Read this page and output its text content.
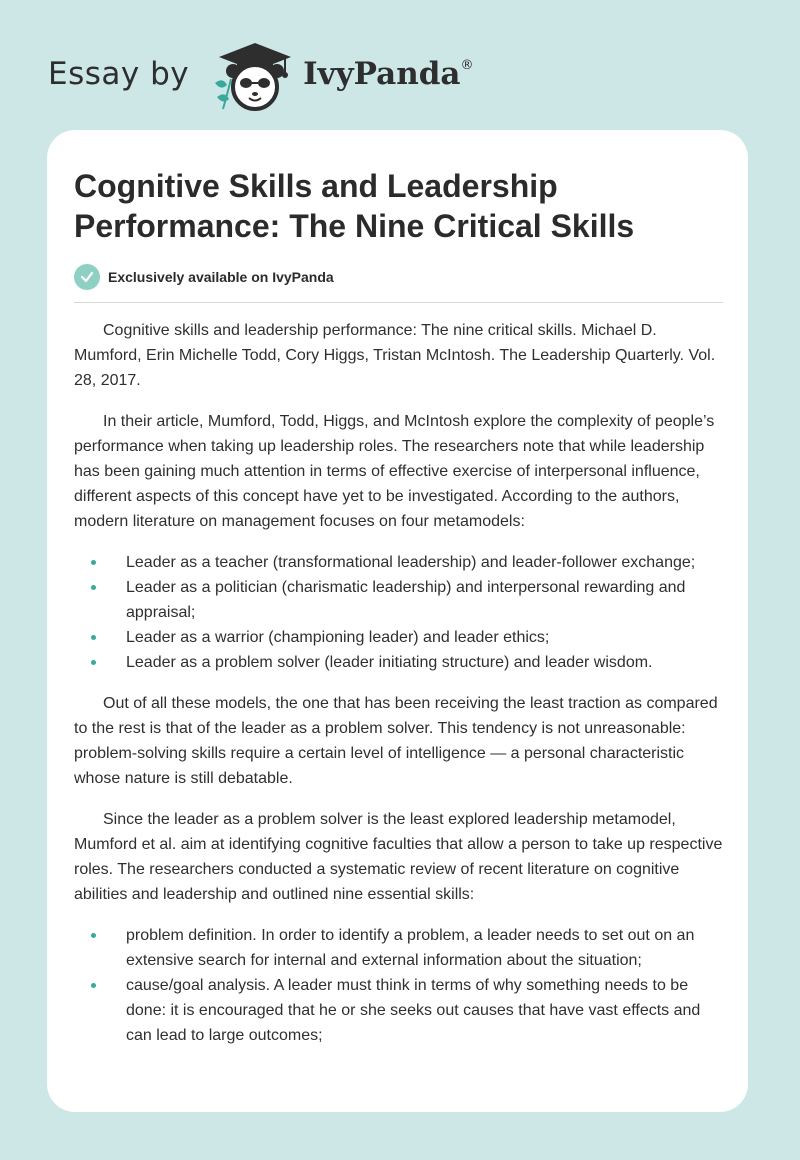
Essay by	IvyPanda®
Cognitive Skills and Leadership Performance: The Nine Critical Skills
Exclusively available on IvyPanda

Cognitive skills and leadership performance: The nine critical skills. Michael D. Mumford, Erin Michelle Todd, Cory Higgs, Tristan McIntosh. The Leadership Quarterly. Vol. 28, 2017.

In their article, Mumford, Todd, Higgs, and McIntosh explore the complexity of people’s performance when taking up leadership roles. The researchers note that while leadership has been gaining much attention in terms of effective exercise of interpersonal influence, different aspects of this concept have yet to be investigated. According to the authors, modern literature on management focuses on four metamodels:

Leader as a teacher (transformational leadership) and leader-follower exchange;
Leader as a politician (charismatic leadership) and interpersonal rewarding and appraisal;
Leader as a warrior (championing leader) and leader ethics;
Leader as a problem solver (leader initiating structure) and leader wisdom.

Out of all these models, the one that has been receiving the least traction as compared to the rest is that of the leader as a problem solver. This tendency is not unreasonable: problem-solving skills require a certain level of intelligence — a personal characteristic whose nature is still debatable.

Since the leader as a problem solver is the least explored leadership metamodel, Mumford et al. aim at identifying cognitive faculties that allow a person to take up respective roles. The researchers conducted a systematic review of recent literature on cognitive abilities and leadership and outlined nine essential skills:

problem definition. In order to identify a problem, a leader needs to set out on an extensive search for internal and external information about the situation;
cause/goal analysis. A leader must think in terms of why something needs to be done: it is encouraged that he or she seeks out causes that have vast effects and can lead to large outcomes;
